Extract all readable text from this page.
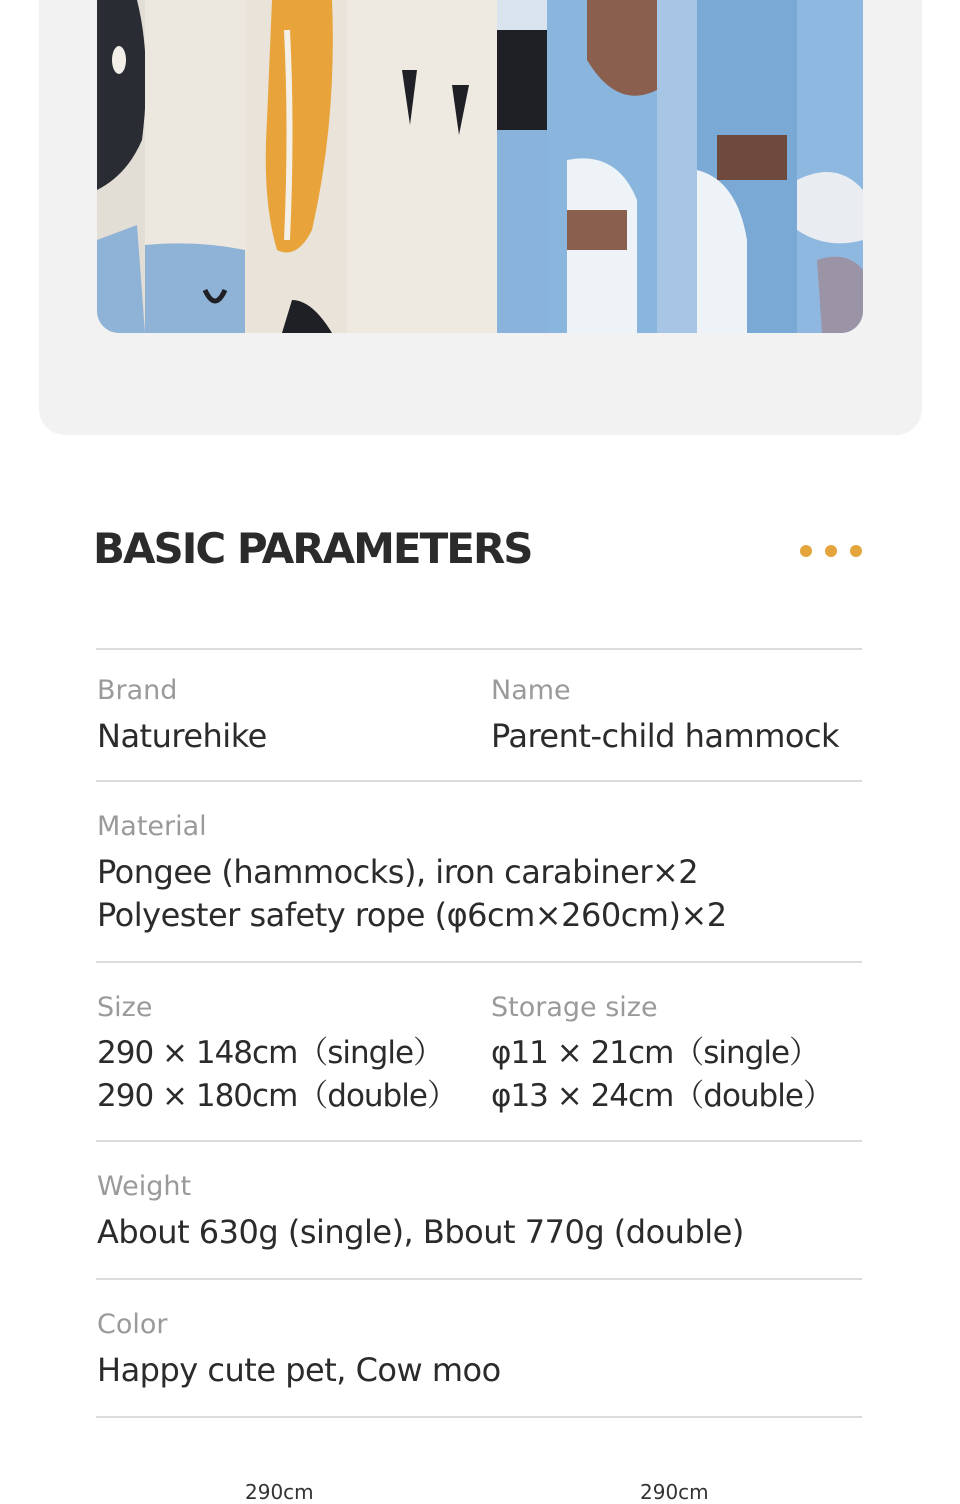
BASIC PARAMETERS
Brand
Naturehike
Name
Parent-child hammock
Material
Pongee (hammocks), iron carabiner×2
Polyester safety rope (φ6cm×260cm)×2
Size
290 × 148cm（single）
290 × 180cm（double）
Storage size
φ11 × 21cm（single）
φ13 × 24cm（double）
Weight
About 630g (single), Bbout 770g (double)
Color
Happy cute pet, Cow moo
290cm	290cm
